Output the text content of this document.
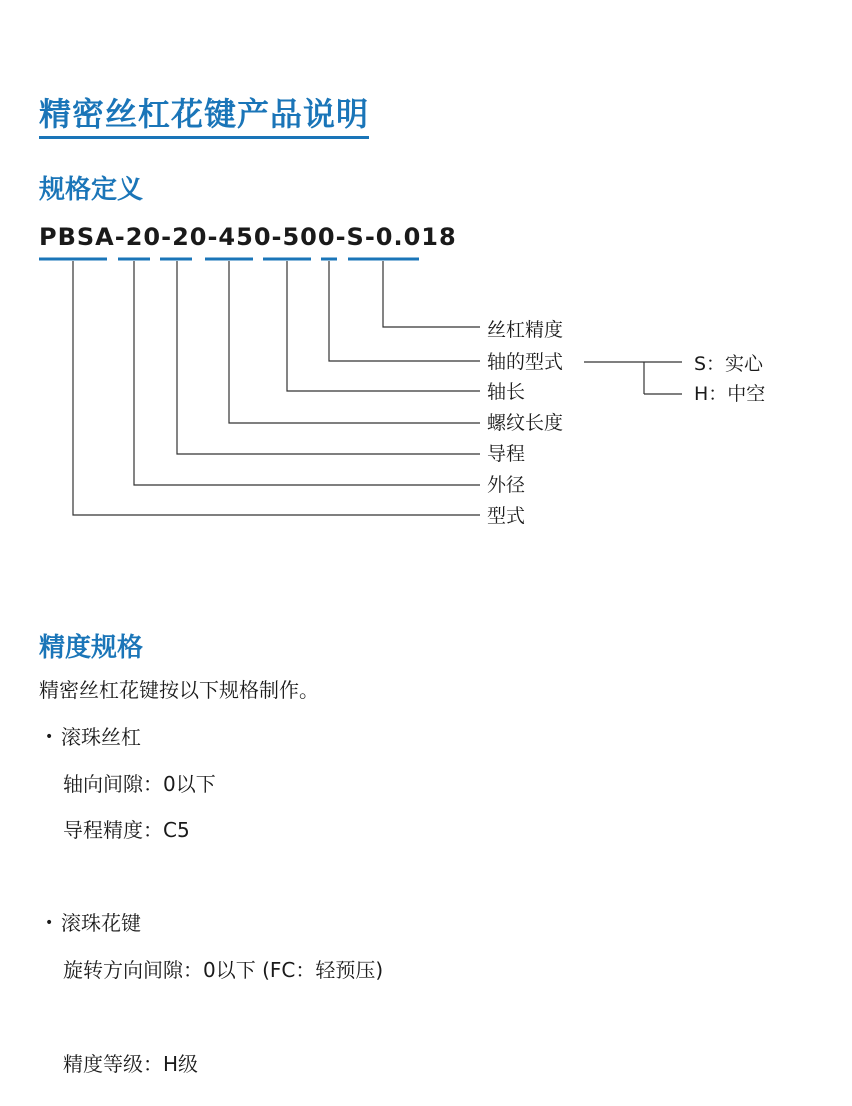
精密丝杠花键产品说明
规格定义
PBSA-20-20-450-500-S-0.018
丝杠精度
轴的型式
轴长
螺纹长度
导程
外径
型式
S：实心
H：中空
精度规格
精密丝杠花键按以下规格制作。
• 滚珠丝杠
轴向间隙：0以下
导程精度：C5
• 滚珠花键
旋转方向间隙：0以下 (FC：轻预压)
精度等级：H级
